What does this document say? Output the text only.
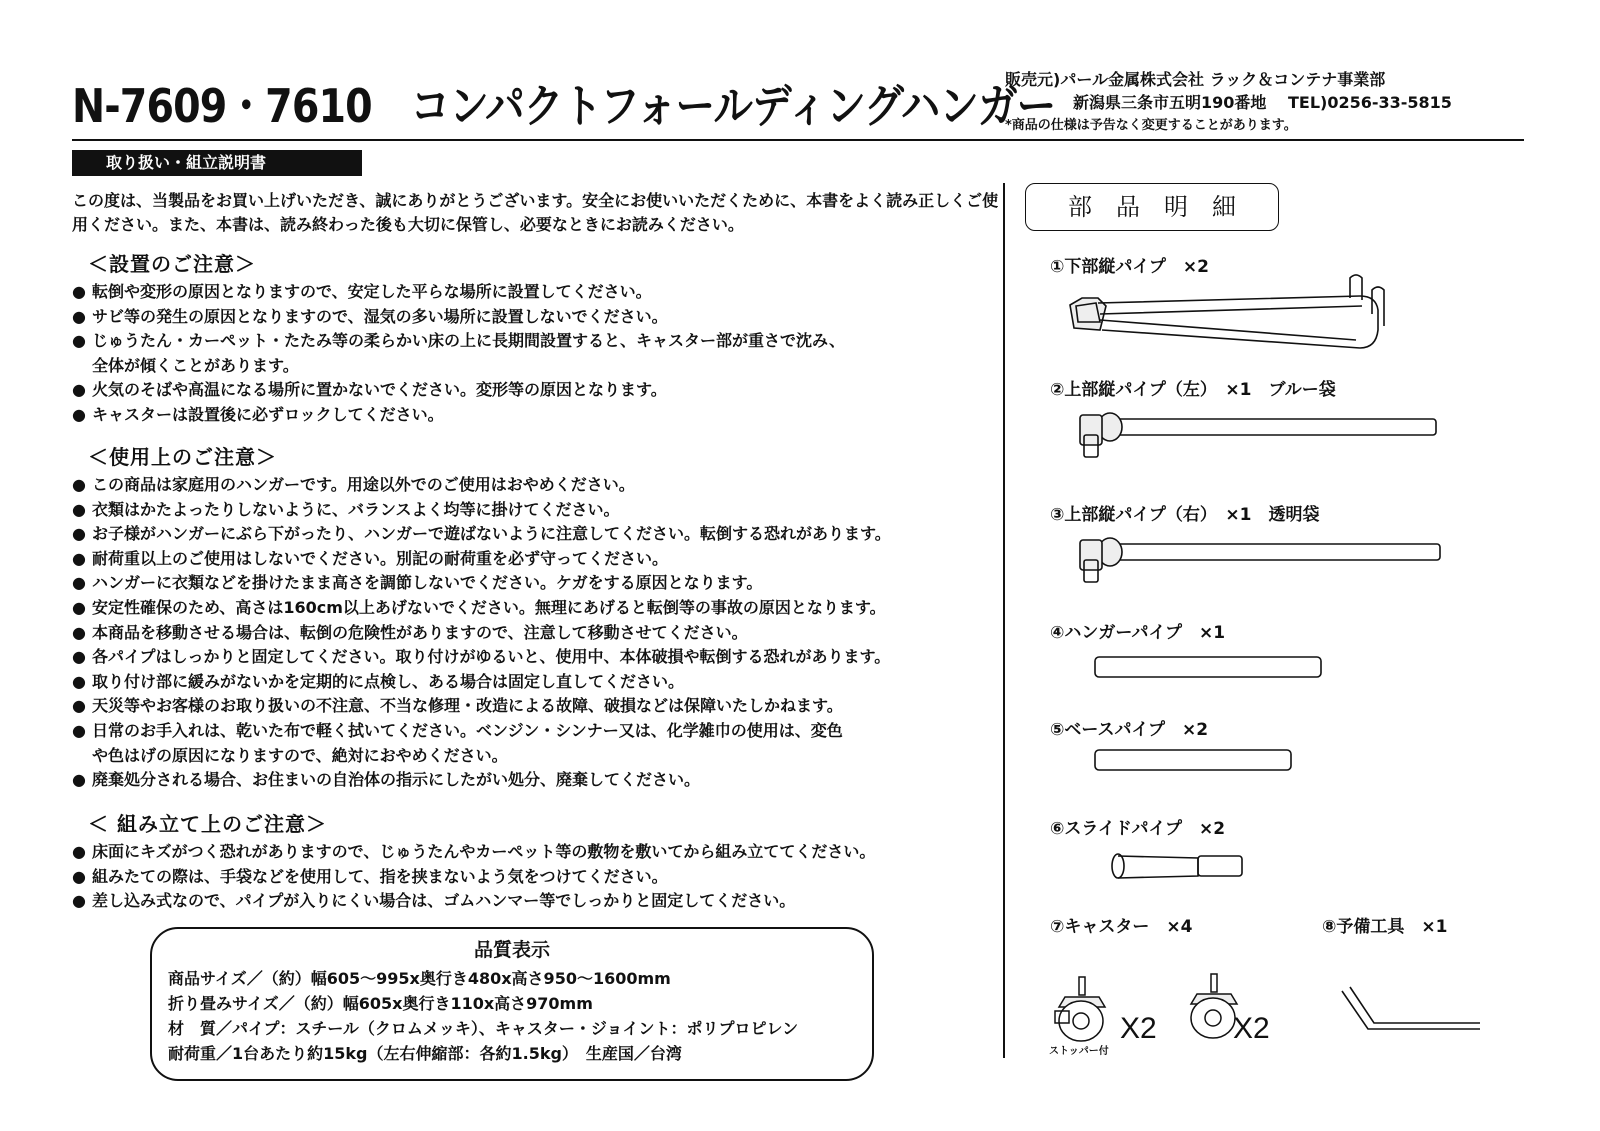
N-7609・7610　コンパクトフォールディングハンガー
販売元)パール金属株式会社 ラック＆コンテナ事業部
新潟県三条市五明190番地　 TEL)0256-33-5815
*商品の仕様は予告なく変更することがあります。
取り扱い・組立説明書
この度は、当製品をお買い上げいただき、誠にありがとうございます。安全にお使いいただくために、本書をよく読み正しくご使用ください。また、本書は、読み終わった後も大切に保管し、必要なときにお読みください。
＜設置のご注意＞
● 転倒や変形の原因となりますので、安定した平らな場所に設置してください。
● サビ等の発生の原因となりますので、湿気の多い場所に設置しないでください。
● じゅうたん・カーペット・たたみ等の柔らかい床の上に長期間設置すると、キャスター部が重さで沈み、
全体が傾くことがあります。
● 火気のそばや高温になる場所に置かないでください。変形等の原因となります。
● キャスターは設置後に必ずロックしてください。
＜使用上のご注意＞
● この商品は家庭用のハンガーです。用途以外でのご使用はおやめください。
● 衣類はかたよったりしないように、バランスよく均等に掛けてください。
● お子様がハンガーにぶら下がったり、ハンガーで遊ばないように注意してください。転倒する恐れがあります。
● 耐荷重以上のご使用はしないでください。別記の耐荷重を必ず守ってください。
● ハンガーに衣類などを掛けたまま高さを調節しないでください。ケガをする原因となります。
● 安定性確保のため、高さは160cm以上あげないでください。無理にあげると転倒等の事故の原因となります。
● 本商品を移動させる場合は、転倒の危険性がありますので、注意して移動させてください。
● 各パイプはしっかりと固定してください。取り付けがゆるいと、使用中、本体破損や転倒する恐れがあります。
● 取り付け部に緩みがないかを定期的に点検し、ある場合は固定し直してください。
● 天災等やお客様のお取り扱いの不注意、不当な修理・改造による故障、破損などは保障いたしかねます。
● 日常のお手入れは、乾いた布で軽く拭いてください。ベンジン・シンナー又は、化学雑巾の使用は、変色
や色はげの原因になりますので、絶対におやめください。
● 廃棄処分される場合、お住まいの自治体の指示にしたがい処分、廃棄してください。
＜ 組み立て上のご注意＞
● 床面にキズがつく恐れがありますので、じゅうたんやカーペット等の敷物を敷いてから組み立ててください。
● 組みたての際は、手袋などを使用して、指を挟まないよう気をつけてください。
● 差し込み式なので、パイプが入りにくい場合は、ゴムハンマー等でしっかりと固定してください。
品質表示

商品サイズ／（約）幅605～995x奥行き480x高さ950～1600mm

折り畳みサイズ／（約）幅605x奥行き110x高さ970mm

材　質／パイプ：スチール（クロムメッキ）、キャスター・ジョイント：ポリプロピレン

耐荷重／1台あたり約15kg（左右伸縮部：各約1.5kg）　生産国／台湾

部品明細
①下部縦パイプ　×2
②上部縦パイプ（左）　×1　ブルー袋
③上部縦パイプ（右）　×1　透明袋
④ハンガーパイプ　×1
⑤ベースパイプ　×2
⑥スライドパイプ　×2
⑦キャスター　×4	⑧予備工具　×1
ストッパー付
X2	X2
